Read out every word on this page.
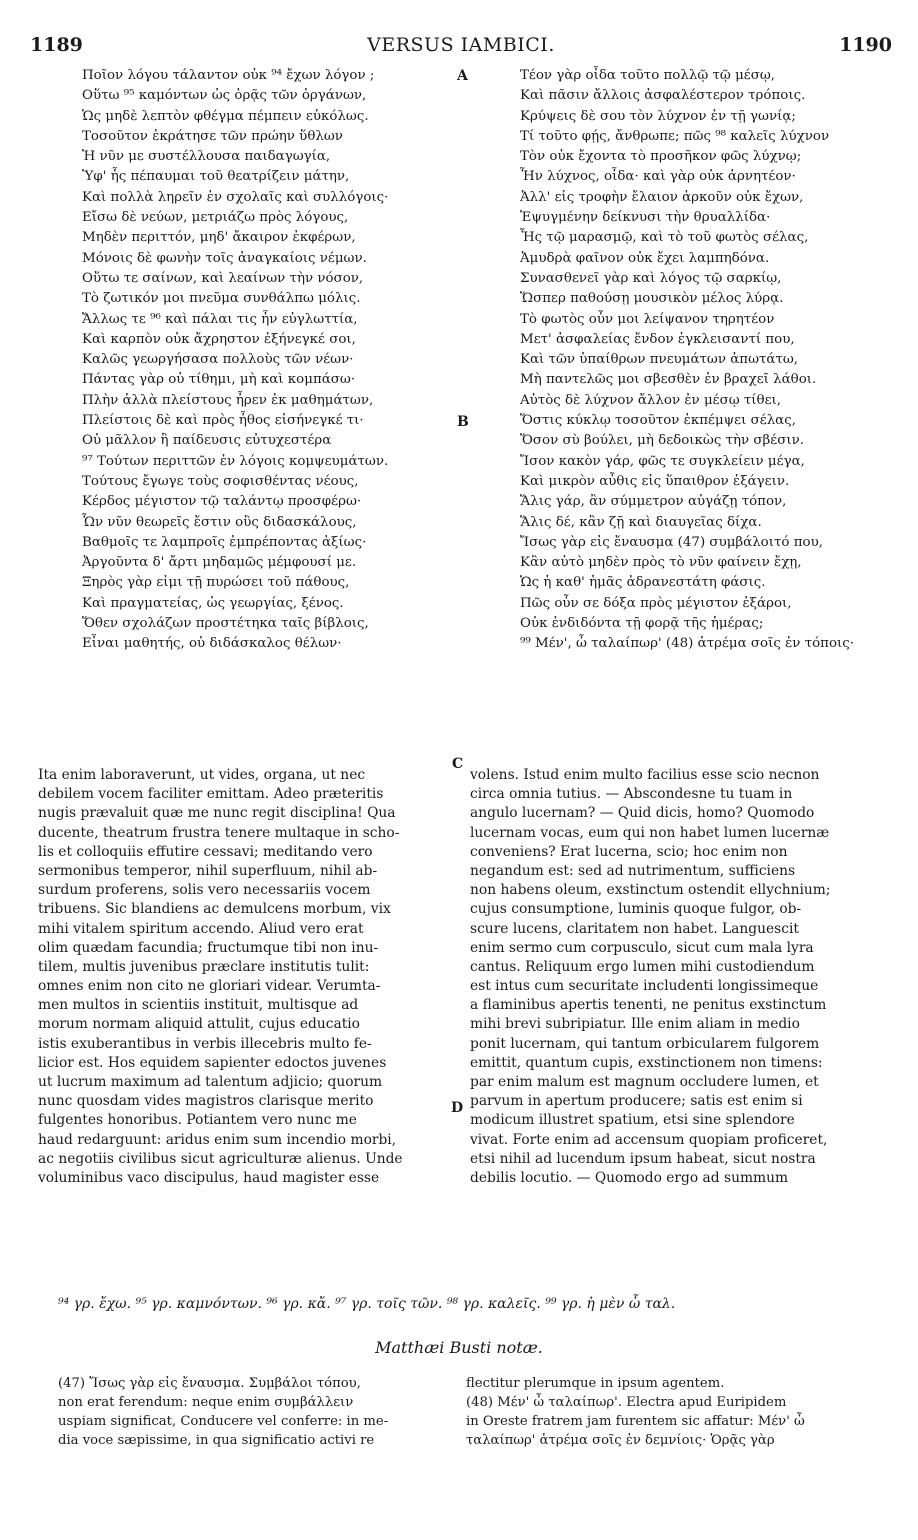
1189	VERSUS IAMBICI.	1190
Ποῖον λόγου τάλαντον οὐκ ⁹⁴ ἔχων λόγον ;
Οὕτω ⁹⁵ καμόντων ὡς ὁρᾷς τῶν ὀργάνων,
Ὡς μηδὲ λεπτὸν φθέγμα πέμπειν εὐκόλως.
Τοσοῦτον ἐκράτησε τῶν πρώην ὕθλων
Ἡ νῦν με συστέλλουσα παιδαγωγία,
Ὑφ' ἧς πέπαυμαι τοῦ θεατρίζειν μάτην,
Καὶ πολλὰ ληρεῖν ἐν σχολαῖς καὶ συλλόγοις·
Εἴσω δὲ νεύων, μετριάζω πρὸς λόγους,
Μηδὲν περιττόν, μηδ' ἄκαιρον ἐκφέρων,
Μόνοις δὲ φωνὴν τοῖς ἀναγκαίοις νέμων.
Οὕτω τε σαίνων, καὶ λεαίνων τὴν νόσον,
Τὸ ζωτικόν μοι πνεῦμα συνθάλπω μόλις.
Ἄλλως τε ⁹⁶ καὶ πάλαι τις ἦν εὐγλωττία,
Καὶ καρπὸν οὐκ ἄχρηστον ἐξήνεγκέ σοι,
Καλῶς γεωργήσασα πολλοὺς τῶν νέων·
Πάντας γὰρ οὐ τίθημι, μὴ καὶ κομπάσω·
Πλὴν ἀλλὰ πλείστους ἦρεν ἐκ μαθημάτων,
Πλείστοις δὲ καὶ πρὸς ἦθος εἰσήνεγκέ τι·
Οὐ μᾶλλον ἢ παίδευσις εὐτυχεστέρα
⁹⁷ Τούτων περιττῶν ἐν λόγοις κομψευμάτων.
Τούτους ἔγωγε τοὺς σοφισθέντας νέους,
Κέρδος μέγιστον τῷ ταλάντῳ προσφέρω·
Ὧν νῦν θεωρεῖς ἔστιν οὓς διδασκάλους,
Βαθμοῖς τε λαμπροῖς ἐμπρέποντας ἀξίως·
Ἀργοῦντα δ' ἄρτι μηδαμῶς μέμφουσί με.
Ξηρὸς γὰρ εἰμι τῇ πυρώσει τοῦ πάθους,
Καὶ πραγματείας, ὡς γεωργίας, ξένος.
Ὅθεν σχολάζων προστέτηκα ταῖς βίβλοις,
Εἶναι μαθητής, οὐ διδάσκαλος θέλων·
Τέον γὰρ οἶδα τοῦτο πολλῷ τῷ μέσῳ,
Καὶ πᾶσιν ἄλλοις ἀσφαλέστερον τρόποις.
Κρύψεις δὲ σου τὸν λύχνον ἐν τῇ γωνίᾳ;
Τί τοῦτο φῄς, ἄνθρωπε; πῶς ⁹⁸ καλεῖς λύχνον
Τὸν οὐκ ἔχοντα τὸ προσῆκον φῶς λύχνῳ;
Ἦν λύχνος, οἶδα· καὶ γὰρ οὐκ ἀρνητέον·
Ἀλλ' εἰς τροφὴν ἔλαιον ἀρκοῦν οὐκ ἔχων,
Ἐψυγμένην δείκνυσι τὴν θρυαλλίδα·
Ἧς τῷ μαρασμῷ, καὶ τὸ τοῦ φωτὸς σέλας,
Ἀμυδρὰ φαῖνον οὐκ ἔχει λαμπηδόνα.
Συνασθενεῖ γὰρ καὶ λόγος τῷ σαρκίῳ,
Ὥσπερ παθούσῃ μουσικὸν μέλος λύρᾳ.
Τὸ φωτὸς οὖν μοι λείψανον τηρητέον
Μετ' ἀσφαλείας ἔνδον ἐγκλεισαντί που,
Καὶ τῶν ὑπαίθρων πνευμάτων ἀπωτάτω,
Μὴ παντελῶς μοι σβεσθὲν ἐν βραχεῖ λάθοι.
Αὐτὸς δὲ λύχνον ἄλλον ἐν μέσῳ τίθει,
Ὅστις κύκλῳ τοσοῦτον ἐκπέμψει σέλας,
Ὅσον σὺ βούλει, μὴ δεδοικὼς τὴν σβέσιν.
Ἴσον κακὸν γάρ, φῶς τε συγκλείειν μέγα,
Καὶ μικρὸν αὖθις εἰς ὕπαιθρον ἐξάγειν.
Ἅλις γάρ, ἂν σύμμετρον αὐγάζῃ τόπον,
Ἅλις δέ, κἂν ζῇ καὶ διαυγεῖας δίχα.
Ἴσως γὰρ εἰς ἔναυσμα (47) συμβάλοιτό που,
Κἂν αὐτὸ μηδὲν πρὸς τὸ νῦν φαίνειν ἔχῃ,
Ὡς ἡ καθ' ἡμᾶς ἀδρανεστάτη φάσις.
Πῶς οὖν σε δόξα πρὸς μέγιστον ἐξάροι,
Οὐκ ἐνδιδόντα τῇ φορᾷ τῆς ἡμέρας;
⁹⁹ Μέν', ὦ ταλαίπωρ' (48) ἀτρέμα σοῖς ἐν τόποις·
A
B
C
D
Ita enim laboraverunt, ut vides, organa, ut nec
debilem vocem faciliter emittam. Adeo præteritis
nugis prævaluit quæ me nunc regit disciplina! Qua
ducente, theatrum frustra tenere multaque in scho-
lis et colloquiis effutire cessavi; meditando vero
sermonibus temperor, nihil superfluum, nihil ab-
surdum proferens, solis vero necessariis vocem
tribuens. Sic blandiens ac demulcens morbum, vix
mihi vitalem spiritum accendo. Aliud vero erat
olim quædam facundia; fructumque tibi non inu-
tilem, multis juvenibus præclare institutis tulit:
omnes enim non cito ne gloriari videar. Verumta-
men multos in scientiis instituit, multisque ad
morum normam aliquid attulit, cujus educatio
istis exuberantibus in verbis illecebris multo fe-
licior est. Hos equidem sapienter edoctos juvenes
ut lucrum maximum ad talentum adjicio; quorum
nunc quosdam vides magistros clarisque merito
fulgentes honoribus. Potiantem vero nunc me
haud redarguunt: aridus enim sum incendio morbi,
ac negotiis civilibus sicut agriculturæ alienus. Unde
voluminibus vaco discipulus, haud magister esse
volens. Istud enim multo facilius esse scio necnon
circa omnia tutius. — Abscondesne tu tuam in
angulo lucernam? — Quid dicis, homo? Quomodo
lucernam vocas, eum qui non habet lumen lucernæ
conveniens? Erat lucerna, scio; hoc enim non
negandum est: sed ad nutrimentum, sufficiens
non habens oleum, exstinctum ostendit ellychnium;
cujus consumptione, luminis quoque fulgor, ob-
scure lucens, claritatem non habet. Languescit
enim sermo cum corpusculo, sicut cum mala lyra
cantus. Reliquum ergo lumen mihi custodiendum
est intus cum securitate includenti longissimeque
a flaminibus apertis tenenti, ne penitus exstinctum
mihi brevi subripiatur. Ille enim aliam in medio
ponit lucernam, qui tantum orbicularem fulgorem
emittit, quantum cupis, exstinctionem non timens:
par enim malum est magnum occludere lumen, et
parvum in apertum producere; satis est enim si
modicum illustret spatium, etsi sine splendore
vivat. Forte enim ad accensum quopiam proficeret,
etsi nihil ad lucendum ipsum habeat, sicut nostra
debilis locutio. — Quomodo ergo ad summum
⁹⁴ γρ. ἔχω. ⁹⁵ γρ. καμνόντων. ⁹⁶ γρ. κἄ. ⁹⁷ γρ. τοῖς τῶν. ⁹⁸ γρ. καλεῖς. ⁹⁹ γρ. ἡ μὲν ὦ ταλ.
Matthæi Busti notæ.
(47) Ἴσως γὰρ εἰς ἔναυσμα. Συμβάλοι τόπου,
non erat ferendum: neque enim συμβάλλειν
uspiam significat, Conducere vel conferre: in me-
dia voce sæpissime, in qua significatio activi re
flectitur plerumque in ipsum agentem.
(48) Μέν' ὦ ταλαίπωρ'. Electra apud Euripidem
in Oreste fratrem jam furentem sic affatur: Μέν' ὦ
ταλαίπωρ' ἀτρέμα σοῖς ἐν δεμνίοις· Ὁρᾷς γὰρ
